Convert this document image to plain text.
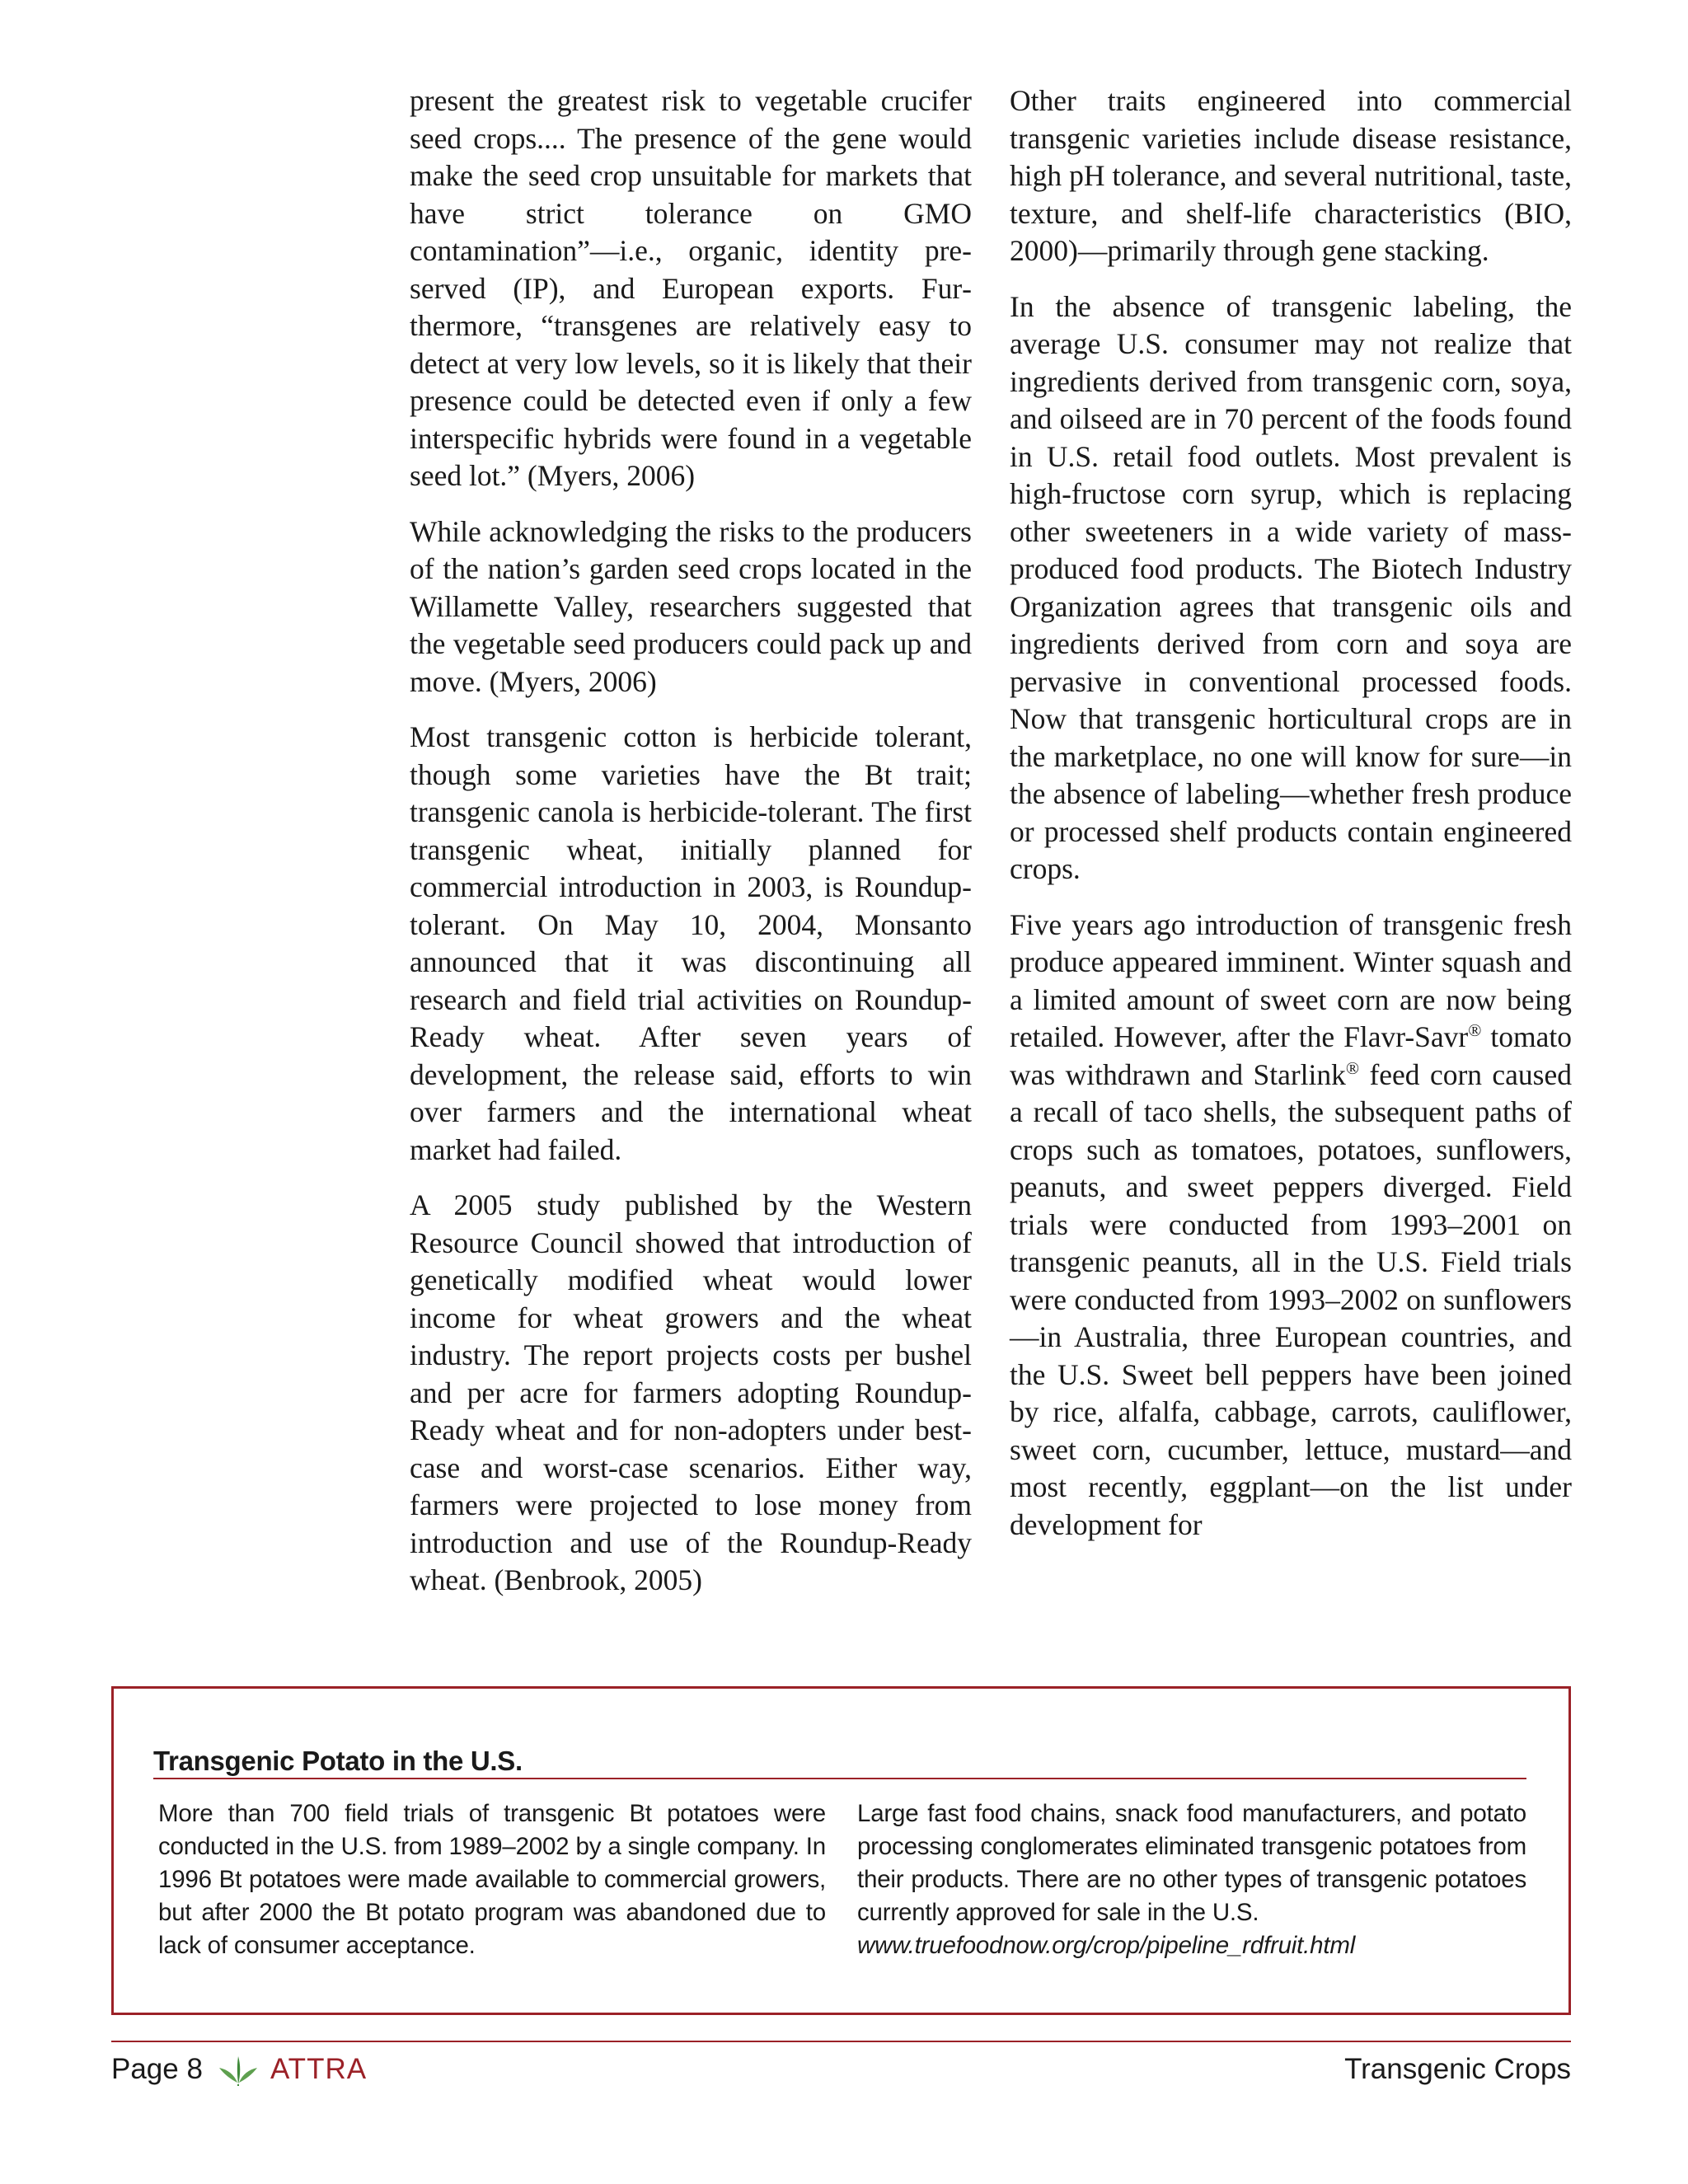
present the greatest risk to vegetable crucifer seed crops.... The presence of the gene would make the seed crop unsuitable for markets that have strict tolerance on GMO contamination”—i.e., organic, identity preserved (IP), and European exports. Furthermore, “transgenes are relatively easy to detect at very low levels, so it is likely that their presence could be detected even if only a few interspecific hybrids were found in a vegetable seed lot.” (Myers, 2006)

While acknowledging the risks to the producers of the nation’s garden seed crops located in the Willamette Valley, researchers suggested that the vegetable seed producers could pack up and move. (Myers, 2006)

Most transgenic cotton is herbicide tolerant, though some varieties have the Bt trait; transgenic canola is herbicide-tolerant. The first transgenic wheat, initially planned for commercial introduction in 2003, is Roundup-tolerant. On May 10, 2004, Monsanto announced that it was discontinuing all research and field trial activities on Roundup-Ready wheat. After seven years of development, the release said, efforts to win over farmers and the international wheat market had failed.

A 2005 study published by the Western Resource Council showed that introduction of genetically modified wheat would lower income for wheat growers and the wheat industry. The report projects costs per bushel and per acre for farmers adopting Roundup-Ready wheat and for non-adopters under best-case and worst-case scenarios. Either way, farmers were projected to lose money from introduction and use of the Roundup-Ready wheat. (Benbrook, 2005)

Other traits engineered into commercial transgenic varieties include disease resistance, high pH tolerance, and several nutritional, taste, texture, and shelf-life characteristics (BIO, 2000)—primarily through gene stacking.

In the absence of transgenic labeling, the average U.S. consumer may not realize that ingredients derived from transgenic corn, soya, and oilseed are in 70 percent of the foods found in U.S. retail food outlets. Most prevalent is high-fructose corn syrup, which is replacing other sweeteners in a wide variety of mass-produced food products. The Biotech Industry Organization agrees that transgenic oils and ingredients derived from corn and soya are pervasive in conventional processed foods. Now that transgenic horticultural crops are in the marketplace, no one will know for sure—in the absence of labeling—whether fresh produce or processed shelf products contain engineered crops.

Five years ago introduction of transgenic fresh produce appeared imminent. Winter squash and a limited amount of sweet corn are now being retailed. However, after the Flavr-Savr® tomato was withdrawn and Starlink® feed corn caused a recall of taco shells, the subsequent paths of crops such as tomatoes, potatoes, sunflowers, peanuts, and sweet peppers diverged. Field trials were conducted from 1993–2001 on transgenic peanuts, all in the U.S. Field trials were conducted from 1993–2002 on sunflowers—in Australia, three European countries, and the U.S. Sweet bell peppers have been joined by rice, alfalfa, cabbage, carrots, cauliflower, sweet corn, cucumber, lettuce, mustard—and most recently, eggplant—on the list under development for

Transgenic Potato in the U.S.
More than 700 field trials of transgenic Bt potatoes were conducted in the U.S. from 1989–2002 by a single company. In 1996 Bt potatoes were made available to commercial growers, but after 2000 the Bt potato program was abandoned due to lack of consumer acceptance.
Large fast food chains, snack food manufacturers, and potato processing conglomerates eliminated transgenic potatoes from their products. There are no other types of transgenic potatoes currently approved for sale in the U.S.
www.truefoodnow.org/crop/pipeline_rdfruit.html
Page 8 ATTRA	Transgenic Crops
